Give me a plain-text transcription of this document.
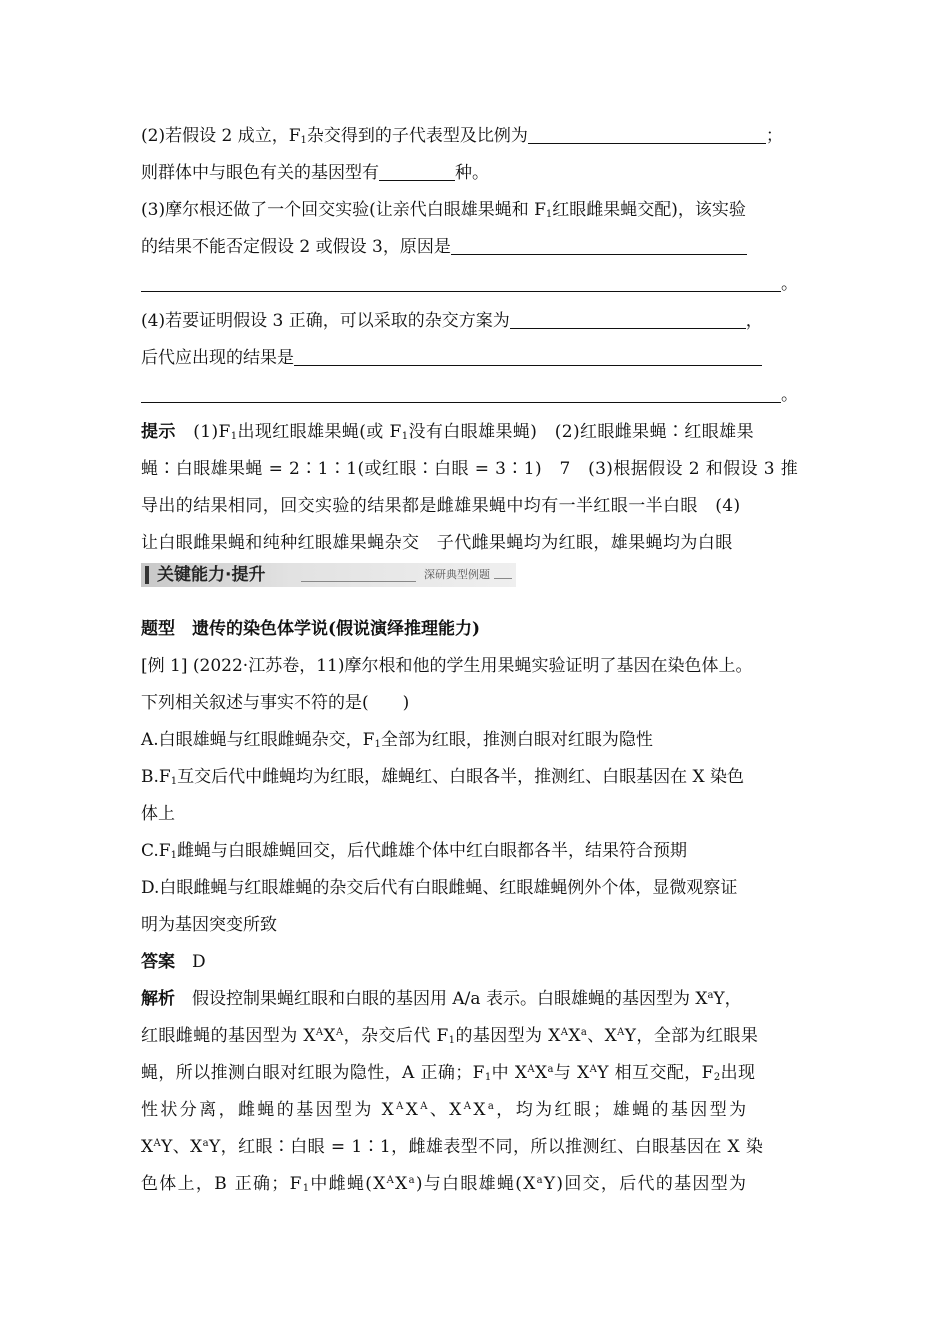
(2)若假设 2 成立，$F_1$杂交得到的子代表型及比例为	；
则群体中与眼色有关的基因型有	种。
(3)摩尔根还做了一个回交实验(让亲代白眼雄果蝇和 $F_1$红眼雌果蝇交配)，该实验
的结果不能否定假设 2 或假设 3，原因是
。
(4)若要证明假设 3 正确，可以采取的杂交方案为	，
后代应出现的结果是
。
提示　 $(1)F_1$出现红眼雄果蝇(或 $F_1$没有白眼雄果蝇)　(2)红眼雌果蝇∶红眼雄果
蝇∶白眼雄果蝇 = 2∶1∶1(或红眼∶白眼 = 3∶1)　7　(3)根据假设 2 和假设 3 推
导出的结果相同，回交实验的结果都是雌雄果蝇中均有一半红眼一半白眼　(4)
让白眼雌果蝇和纯种红眼雄果蝇杂交　子代雌果蝇均为红眼，雄果蝇均为白眼
关键能力·提升	深研典型例题
题型　遗传的染色体学说(假说演绎推理能力)
[例 1] (2022·江苏卷，11)摩尔根和他的学生用果蝇实验证明了基因在染色体上。
下列相关叙述与事实不符的是(　　)
A.白眼雄蝇与红眼雌蝇杂交，$F_1$全部为红眼，推测白眼对红眼为隐性
$B.F_1$互交后代中雌蝇均为红眼，雄蝇红、白眼各半，推测红、白眼基因在 X 染色
体上
$C.F_1$雌蝇与白眼雄蝇回交，后代雌雄个体中红白眼都各半，结果符合预期
D.白眼雌蝇与红眼雄蝇的杂交后代有白眼雌蝇、红眼雄蝇例外个体，显微观察证
明为基因突变所致
答案　 D
解析　假设控制果蝇红眼和白眼的基因用 A/a 表示。白眼雄蝇的基因型为 $X^aY$，
红眼雌蝇的基因型为 $X^AX^A$，杂交后代 $F_1$的基因型为 $X^AX^a$、$X^AY$，全部为红眼果
蝇，所以推测白眼对红眼为隐性，A 正确；$F_1$中 $X^AX^a$与 $X^AY$ 相互交配，$F_2$出现
性状分离，雌蝇的基因型为 $X^AX^A$、$X^AX^a$，均为红眼；雄蝇的基因型为
$X^AY$、$X^aY$，红眼∶白眼 = 1∶1，雌雄表型不同，所以推测红、白眼基因在 X 染
色体上，B 正确；$F_1$中雌蝇$(X^AX^a)$与白眼雄蝇$(X^aY)$回交，后代的基因型为
